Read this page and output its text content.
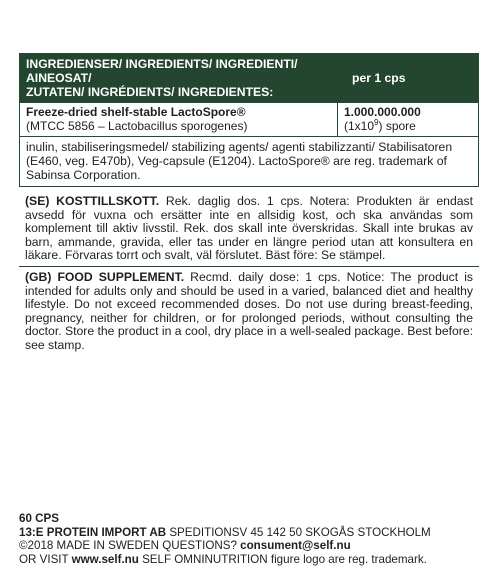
INGREDIENSER/ INGREDIENTS/ INGREDIENTI/ AINEOSAT/
ZUTATEN/ INGRÉDIENTS/ INGREDIENTES:
per 1 cps
Freeze-dried shelf-stable LactoSpore®
(MTCC 5856 – Lactobacillus sporogenes)
1.000.000.000
$(1x10^9)$ spore
inulin, stabiliseringsmedel/ stabilizing agents/ agenti stabilizzanti/ Stabilisatoren (E460, veg. E470b), Veg-capsule (E1204). LactoSpore® are reg. trademark of Sabinsa Corporation.
(SE) KOSTTILLSKOTT. Rek. daglig dos. 1 cps. Notera: Produkten är endast avsedd för vuxna och ersätter inte en allsidig kost, och ska användas som komplement till aktiv livsstil. Rek. dos skall inte överskridas. Skall inte brukas av barn, ammande, gravida, eller tas under en längre period utan att konsultera en läkare. Förvaras torrt och svalt, väl förslutet. Bäst före: Se stämpel.
(GB) FOOD SUPPLEMENT. Recmd. daily dose: 1 cps. Notice: The product is intended for adults only and should be used in a varied, balanced diet and healthy lifestyle. Do not exceed recommended doses. Do not use during breast-feeding, pregnancy, neither for children, or for prolonged periods, without consulting the doctor. Store the product in a cool, dry place in a well-sealed package. Best before: see stamp.
60 CPS
13:E PROTEIN IMPORT AB SPEDITIONSV 45 142 50 SKOGÅS STOCKHOLM
©2018 MADE IN SWEDEN QUESTIONS? consument@self.nu
OR VISIT www.self.nu SELF OMNINUTRITION figure logo are reg. trademark.
